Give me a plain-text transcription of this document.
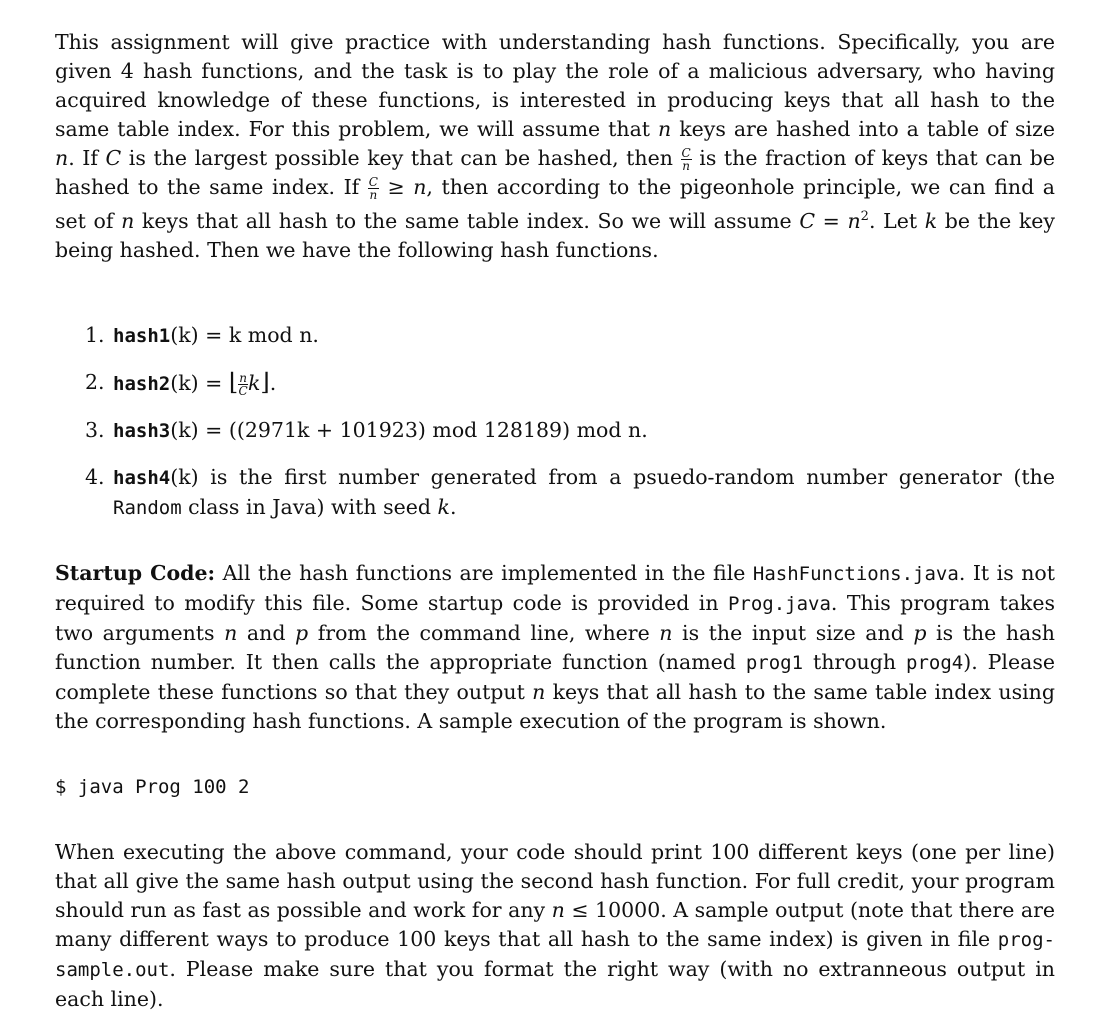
This assignment will give practice with understanding hash functions. Specifically, you are given 4 hash functions, and the task is to play the role of a malicious adversary, who having acquired knowledge of these functions, is interested in producing keys that all hash to the same table index. For this problem, we will assume that n keys are hashed into a table of size n. If C is the largest possible key that can be hashed, then $\frac{C}{n}$ is the fraction of keys that can be hashed to the same index. If $\frac{C}{n} \ge n$, then according to the pigeonhole principle, we can find a set of n keys that all hash to the same table index. So we will assume $C = n^2$. Let k be the key being hashed. Then we have the following hash functions.

1. hash1(k) = k mod n.
2. hash2(k) = ⌊ $\frac{n}{C}$ k⌋.
3. hash3(k) = ((2971k + 101923) mod 128189) mod n.
4. hash4(k) is the first number generated from a psuedo-random number generator (the Random class in Java) with seed k.

Startup Code: All the hash functions are implemented in the file HashFunctions.java. It is not required to modify this file. Some startup code is provided in Prog.java. This program takes two arguments n and p from the command line, where n is the input size and p is the hash function number. It then calls the appropriate function (named prog1 through prog4). Please complete these functions so that they output n keys that all hash to the same table index using the corresponding hash functions. A sample execution of the program is shown.

$ java Prog 100 2

When executing the above command, your code should print 100 different keys (one per line) that all give the same hash output using the second hash function. For full credit, your program should run as fast as possible and work for any n ≤ 10000. A sample output (note that there are many different ways to produce 100 keys that all hash to the same index) is given in file prog-sample.out. Please make sure that you format the right way (with no extranneous output in each line).
